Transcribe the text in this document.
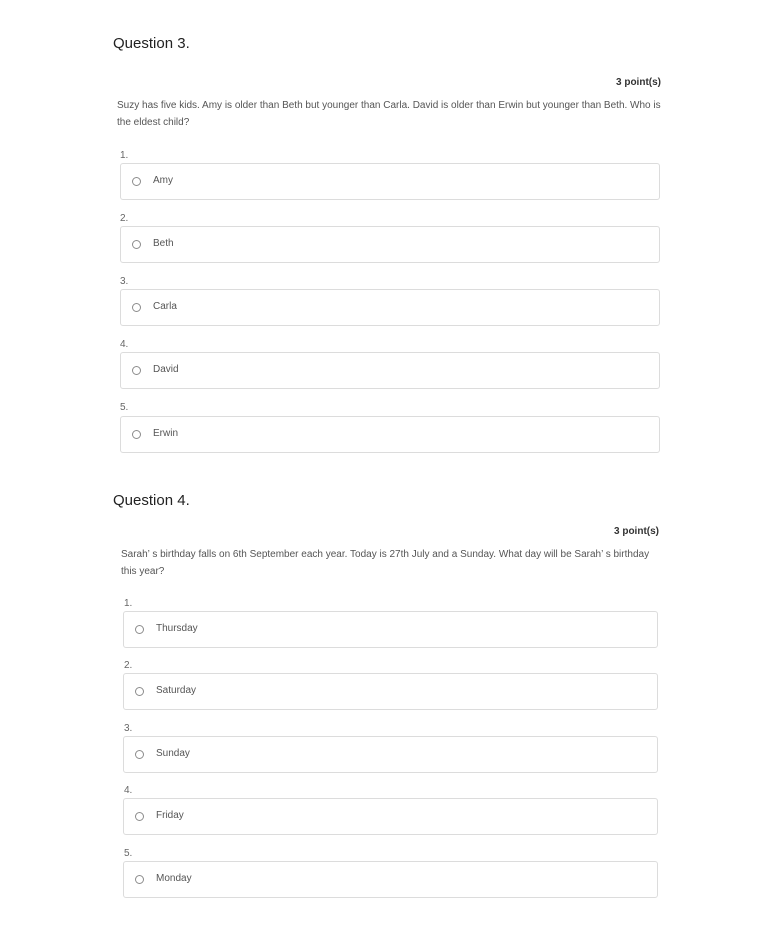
Question 3.
3 point(s)
Suzy has five kids. Amy is older than Beth but younger than Carla. David is older than Erwin but younger than Beth. Who is the eldest child?
1.
Amy
2.
Beth
3.
Carla
4.
David
5.
Erwin
Question 4.
3 point(s)
Sarah’ s birthday falls on 6th September each year. Today is 27th July and a Sunday. What day will be Sarah’ s birthday this year?
1.
Thursday
2.
Saturday
3.
Sunday
4.
Friday
5.
Monday
